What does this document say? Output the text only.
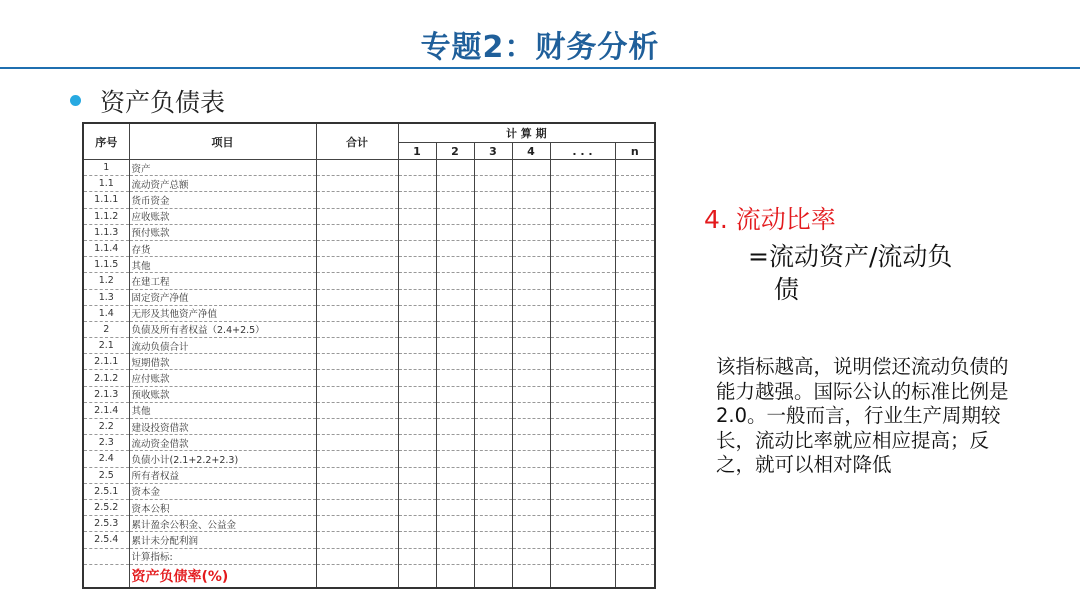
专题2：财务分析
资产负债表
序号	项目	合计	计 算 期					
			1	2	3	4	. . .	n
1	资产							
1.1	流动资产总额							
1.1.1	货币资金							
1.1.2	应收账款							
1.1.3	预付账款							
1.1.4	存货							
1.1.5	其他							
1.2	在建工程							
1.3	固定资产净值							
1.4	无形及其他资产净值							
2	负债及所有者权益（2.4+2.5）							
2.1	流动负债合计							
2.1.1	短期借款							
2.1.2	应付账款							
2.1.3	预收账款							
2.1.4	其他							
2.2	建设投资借款							
2.3	流动资金借款							
2.4	负债小计(2.1+2.2+2.3)							
2.5	所有者权益							
2.5.1	资本金							
2.5.2	资本公积							
2.5.3	累计盈余公积金、公益金							
2.5.4	累计未分配利润							
	计算指标:							
	资产负债率(%)							
4. 流动比率
=流动资产/流动负
债
该指标越高，说明偿还流动负债的能力越强。国际公认的标准比例是2.0。一般而言，行业生产周期较长，流动比率就应相应提高；反之，就可以相对降低
